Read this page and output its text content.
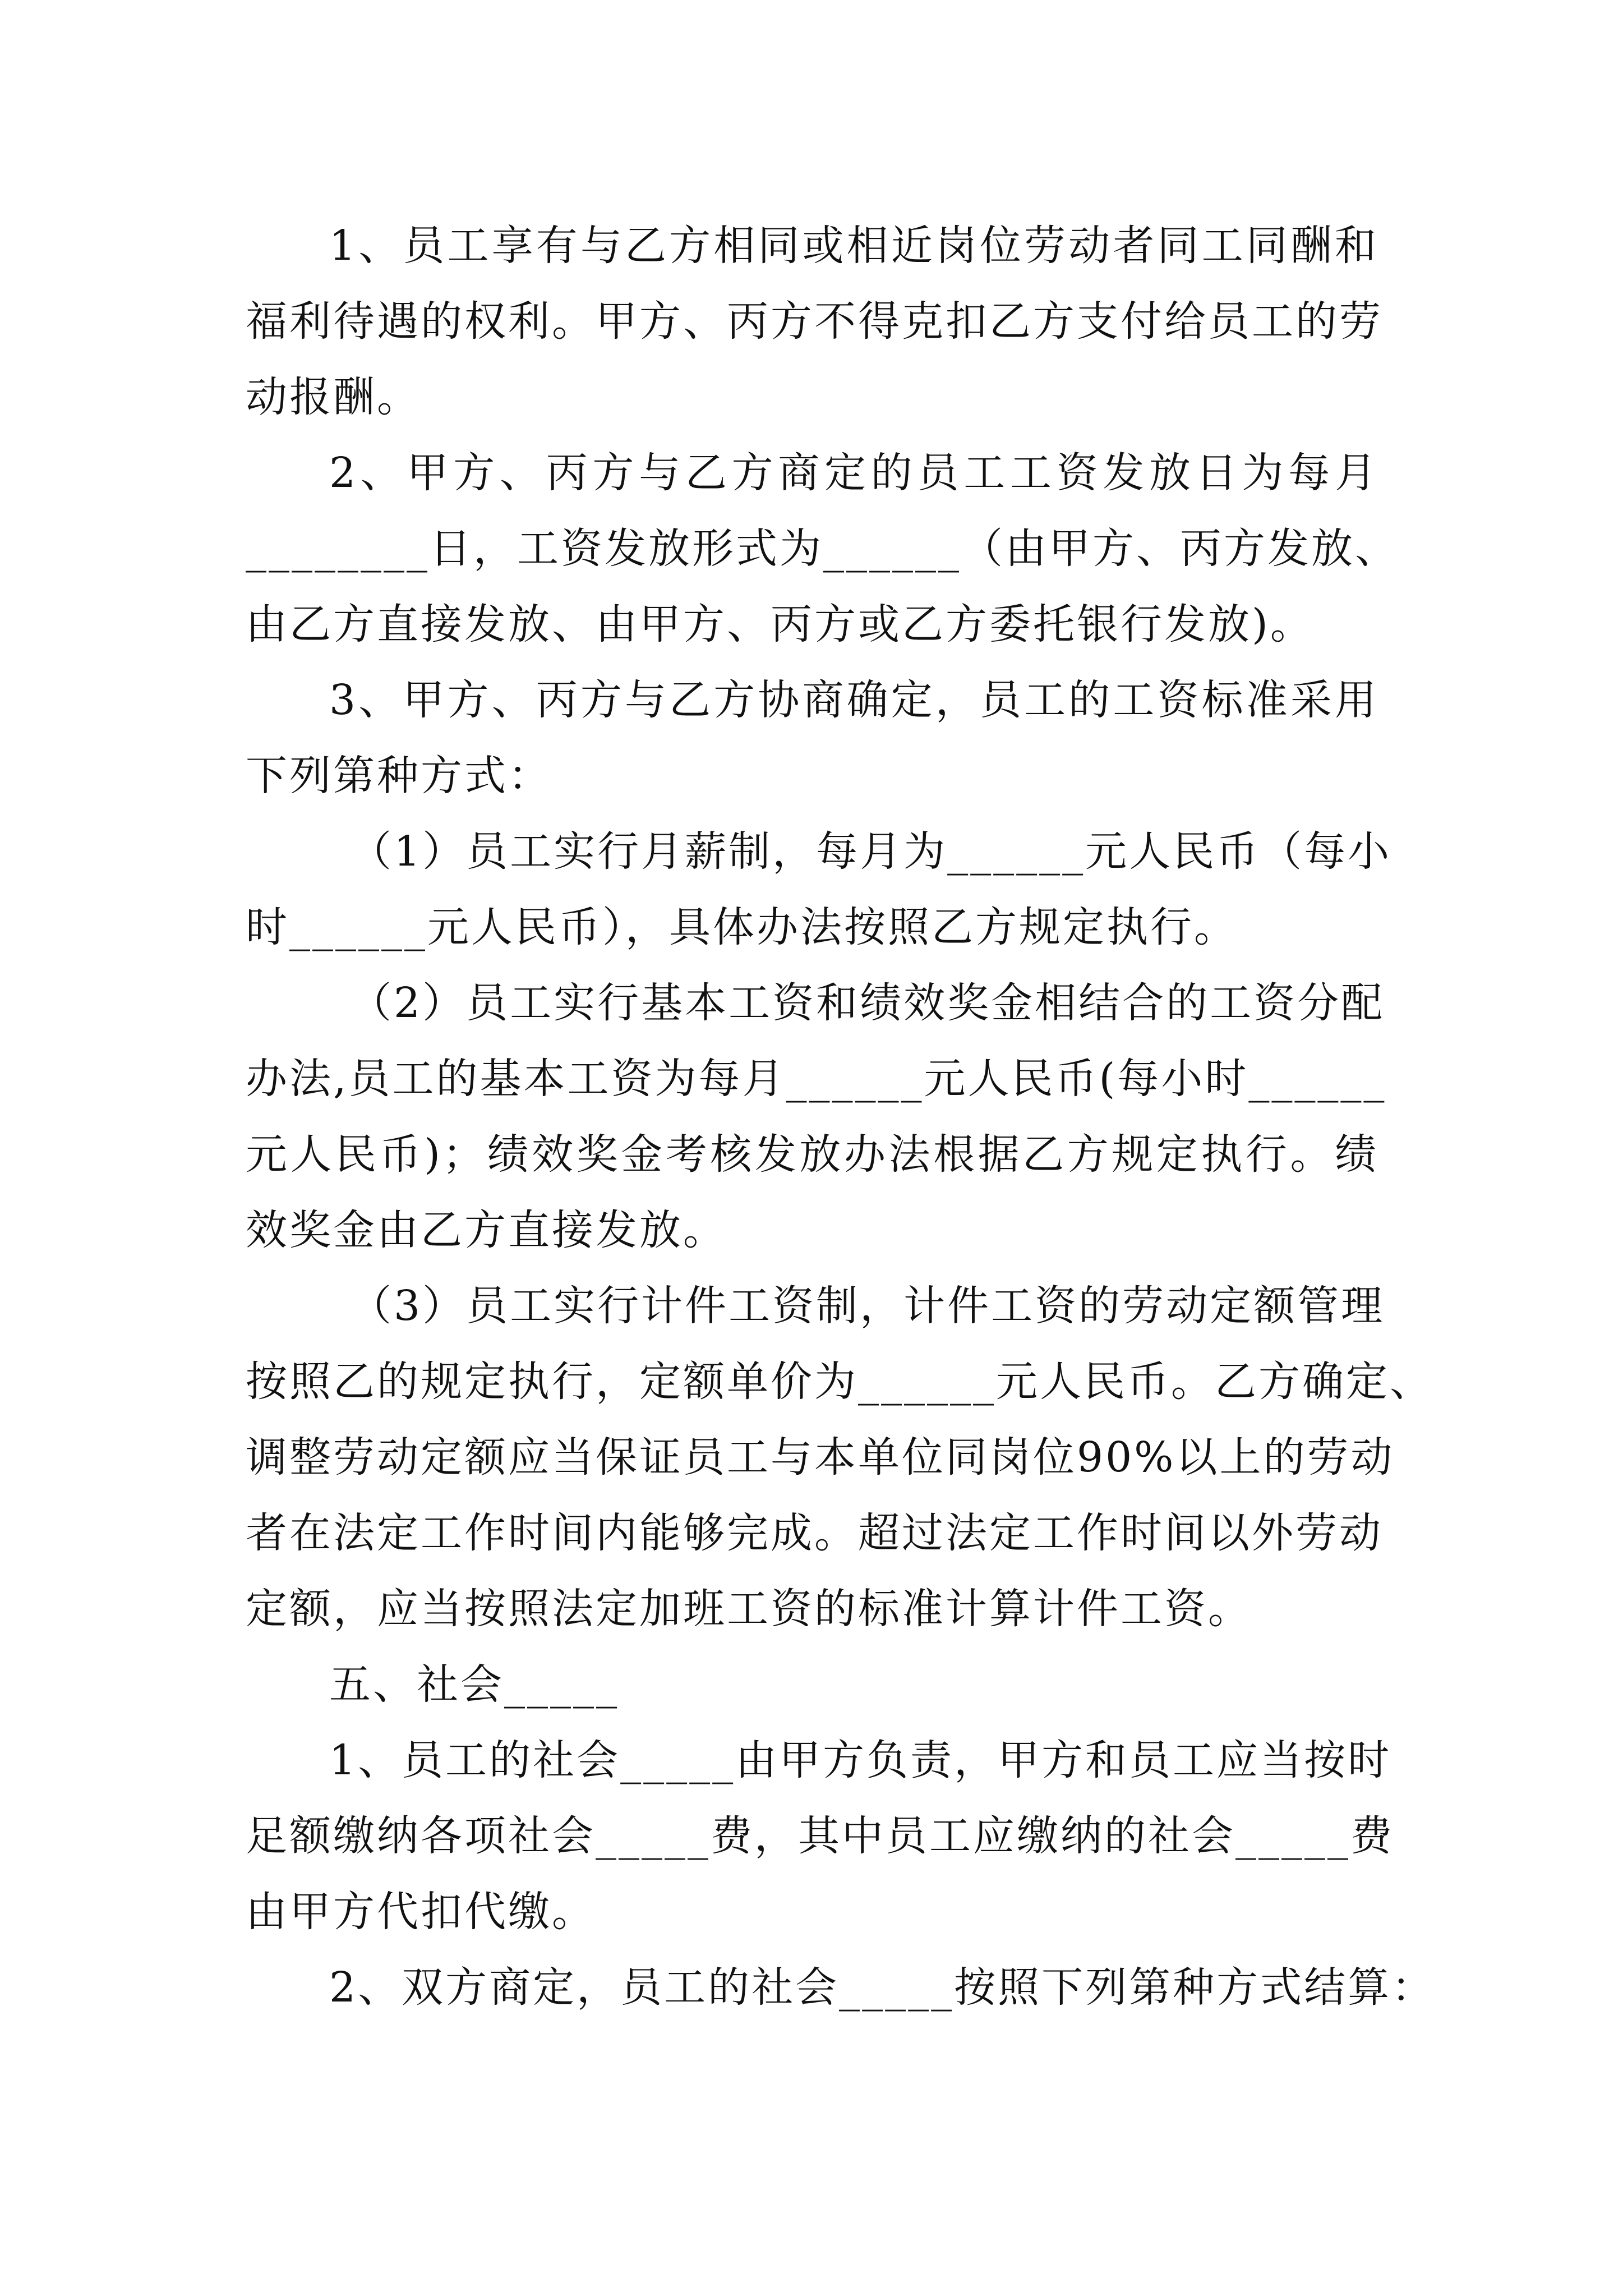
1、员工享有与乙方相同或相近岗位劳动者同工同酬和
福利待遇的权利。甲方、丙方不得克扣乙方支付给员工的劳
动报酬。
2、甲方、丙方与乙方商定的员工工资发放日为每月
________日，工资发放形式为______（由甲方、丙方发放、
由乙方直接发放、由甲方、丙方或乙方委托银行发放)。
3、甲方、丙方与乙方协商确定，员工的工资标准采用
下列第种方式：
（1）员工实行月薪制，每月为______元人民币（每小
时______元人民币），具体办法按照乙方规定执行。
（2）员工实行基本工资和绩效奖金相结合的工资分配
办法,员工的基本工资为每月______元人民币(每小时______
元人民币)；绩效奖金考核发放办法根据乙方规定执行。绩
效奖金由乙方直接发放。
（3）员工实行计件工资制，计件工资的劳动定额管理
按照乙的规定执行，定额单价为______元人民币。乙方确定、
调整劳动定额应当保证员工与本单位同岗位90%以上的劳动
者在法定工作时间内能够完成。超过法定工作时间以外劳动
定额，应当按照法定加班工资的标准计算计件工资。
五、社会_____
1、员工的社会_____由甲方负责，甲方和员工应当按时
足额缴纳各项社会_____费，其中员工应缴纳的社会_____费
由甲方代扣代缴。
2、双方商定，员工的社会_____按照下列第种方式结算：
